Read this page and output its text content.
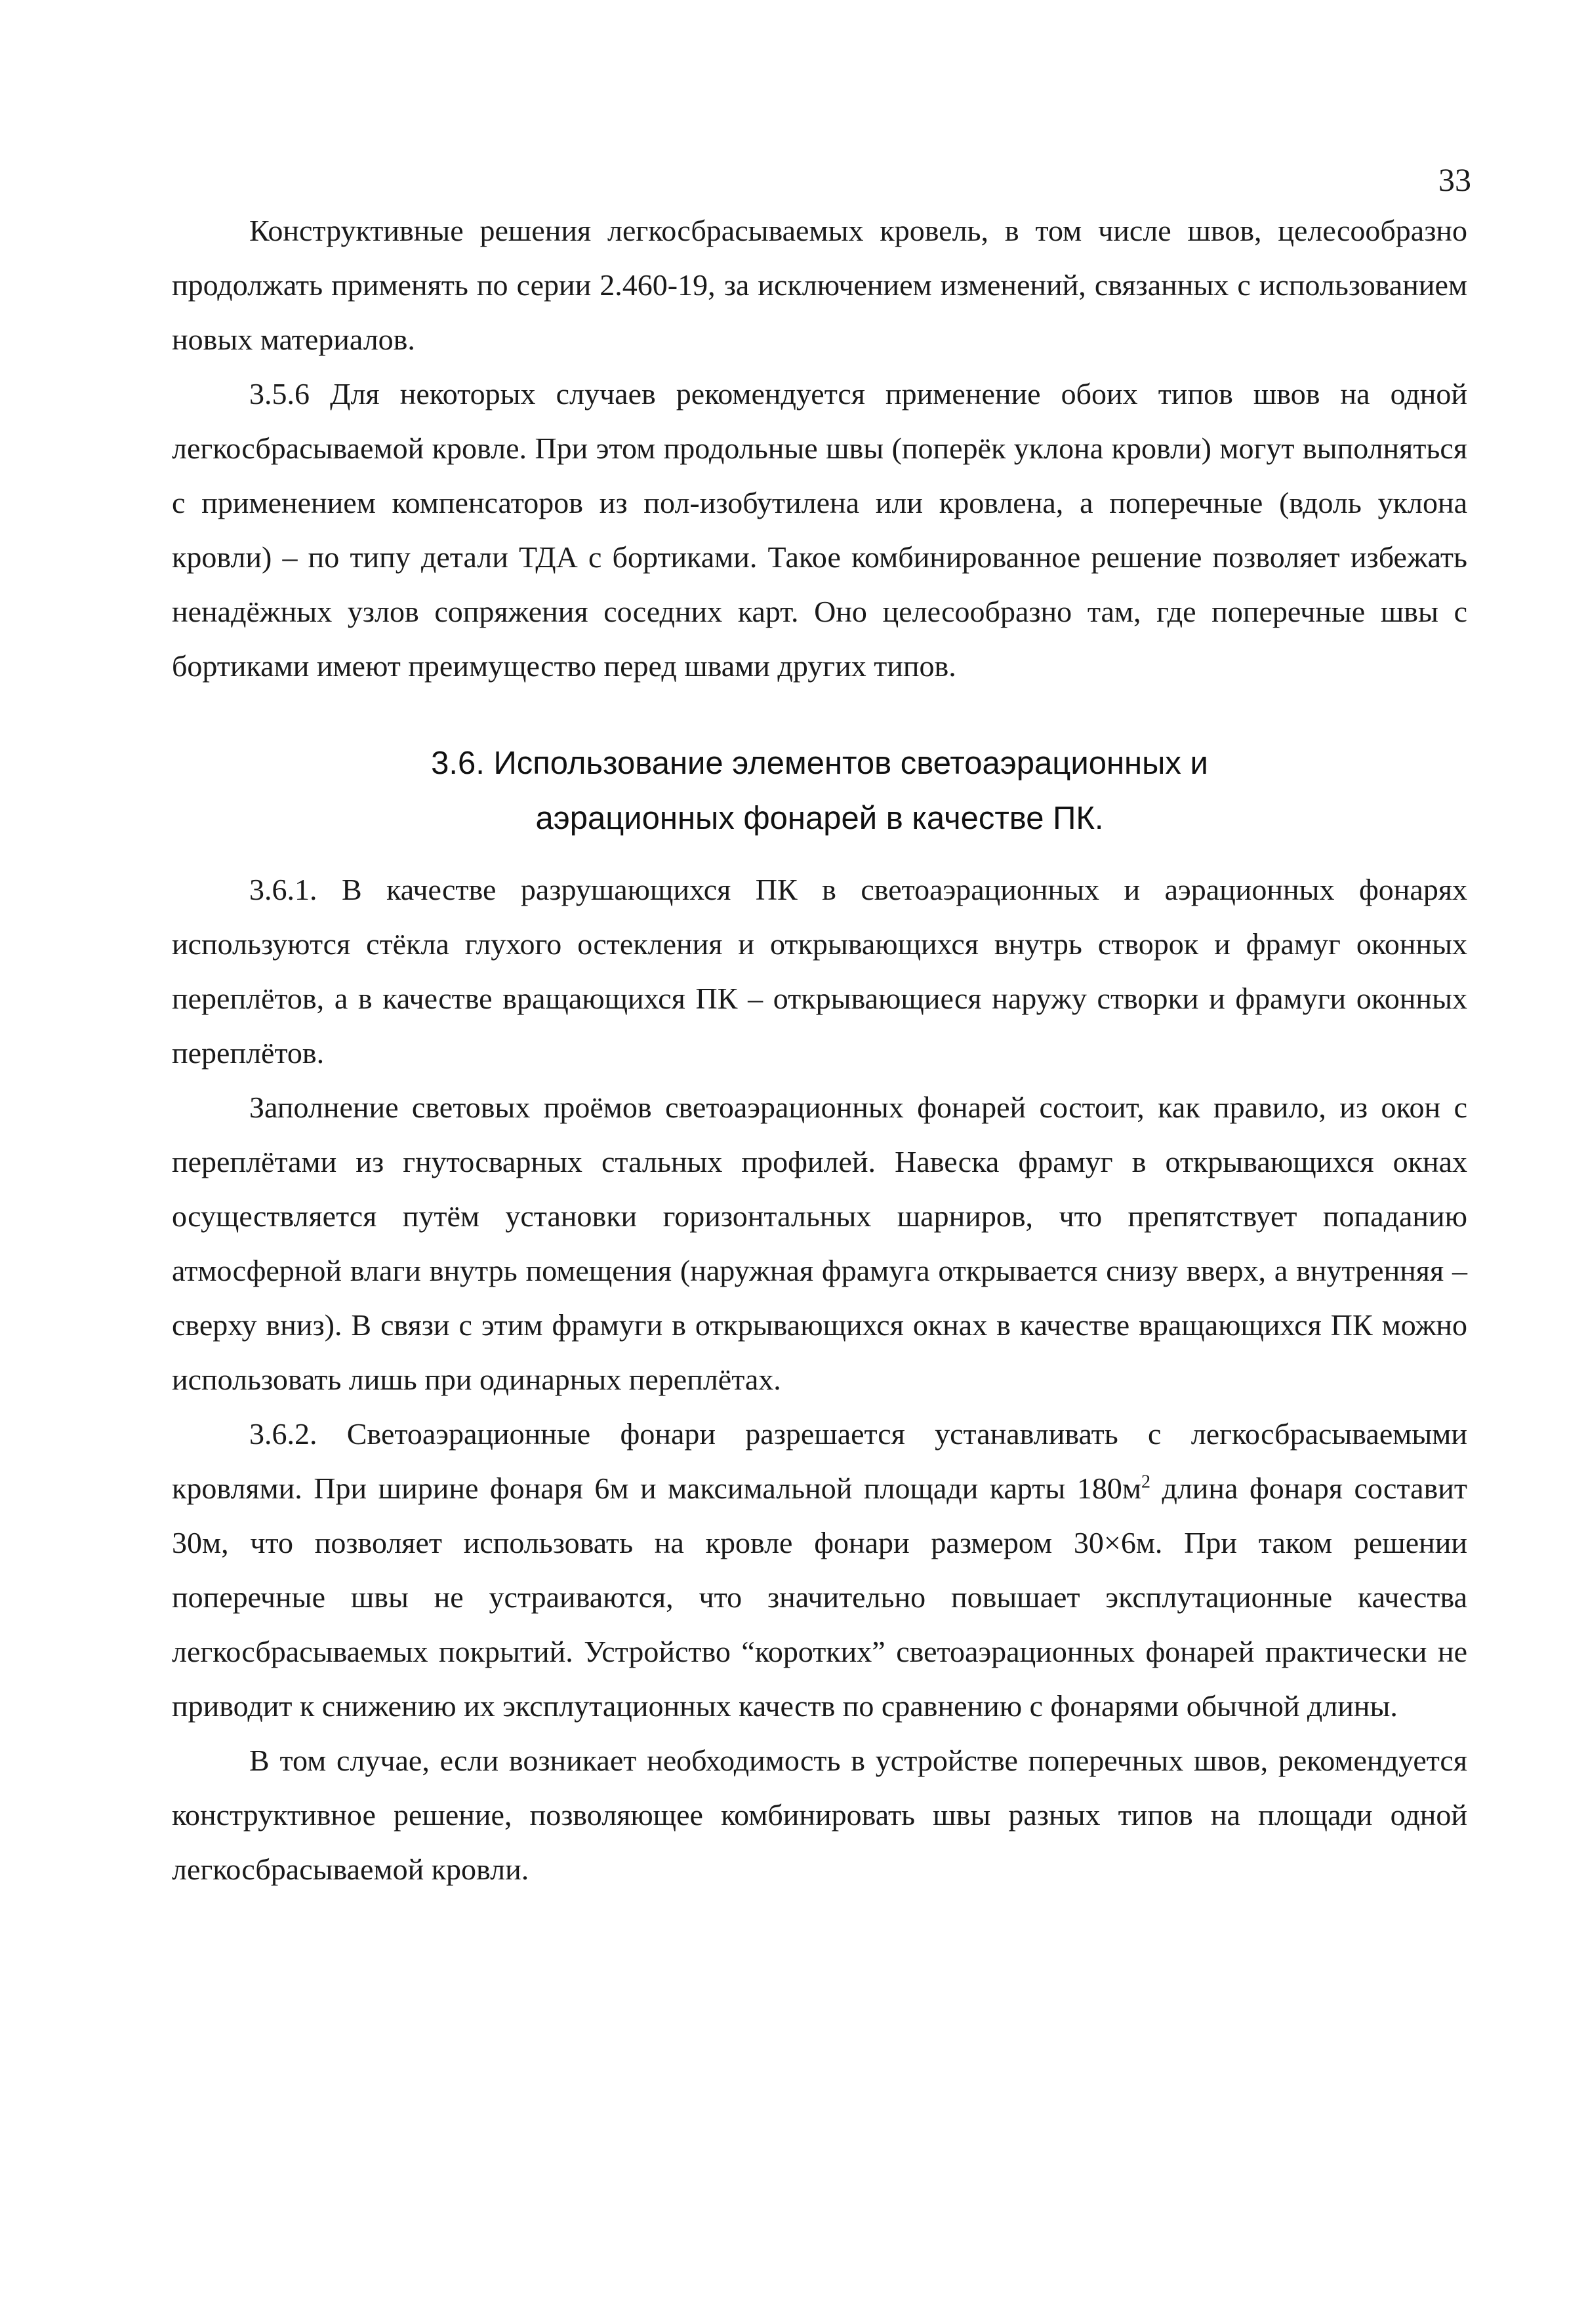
33

Конструктивные решения легкосбрасываемых кровель, в том числе швов, целесообразно продолжать применять по серии 2.460-19, за исключением изменений, связанных с использованием новых материалов.

3.5.6 Для некоторых случаев рекомендуется применение обоих типов швов на одной легкосбрасываемой кровле. При этом продольные швы (поперёк уклона кровли) могут выполняться с применением компенсаторов из пол-изобутилена или кровлена, а поперечные (вдоль уклона кровли) – по типу детали ТДА с бортиками. Такое комбинированное решение позволяет избежать ненадёжных узлов сопряжения соседних карт. Оно целесообразно там, где поперечные швы с бортиками имеют преимущество перед швами других типов.

3.6. Использование элементов светоаэрационных и
аэрационных фонарей в качестве ПК.

3.6.1. В качестве разрушающихся ПК в светоаэрационных и аэрационных фонарях используются стёкла глухого остекления и открывающихся внутрь створок и фрамуг оконных переплётов, а в качестве вращающихся ПК – открывающиеся наружу створки и фрамуги оконных переплётов.

Заполнение световых проёмов светоаэрационных фонарей состоит, как правило, из окон с переплётами из гнутосварных стальных профилей. Навеска фрамуг в открывающихся окнах осуществляется путём установки горизонтальных шарниров, что препятствует попаданию атмосферной влаги внутрь помещения (наружная фрамуга открывается снизу вверх, а внутренняя – сверху вниз). В связи с этим фрамуги в открывающихся окнах в качестве вращающихся ПК можно использовать лишь при одинарных переплётах.

3.6.2. Светоаэрационные фонари разрешается устанавливать с легкосбрасываемыми кровлями. При ширине фонаря 6м и максимальной площади карты $180м^2$ длина фонаря составит 30м, что позволяет использовать на кровле фонари размером 30×6м. При таком решении поперечные швы не устраиваются, что значительно повышает эксплутационные качества легкосбрасываемых покрытий. Устройство “коротких” светоаэрационных фонарей практически не приводит к снижению их эксплутационных качеств по сравнению с фонарями обычной длины.

В том случае, если возникает необходимость в устройстве поперечных швов, рекомендуется конструктивное решение, позволяющее комбинировать швы разных типов на площади одной легкосбрасываемой кровли.
